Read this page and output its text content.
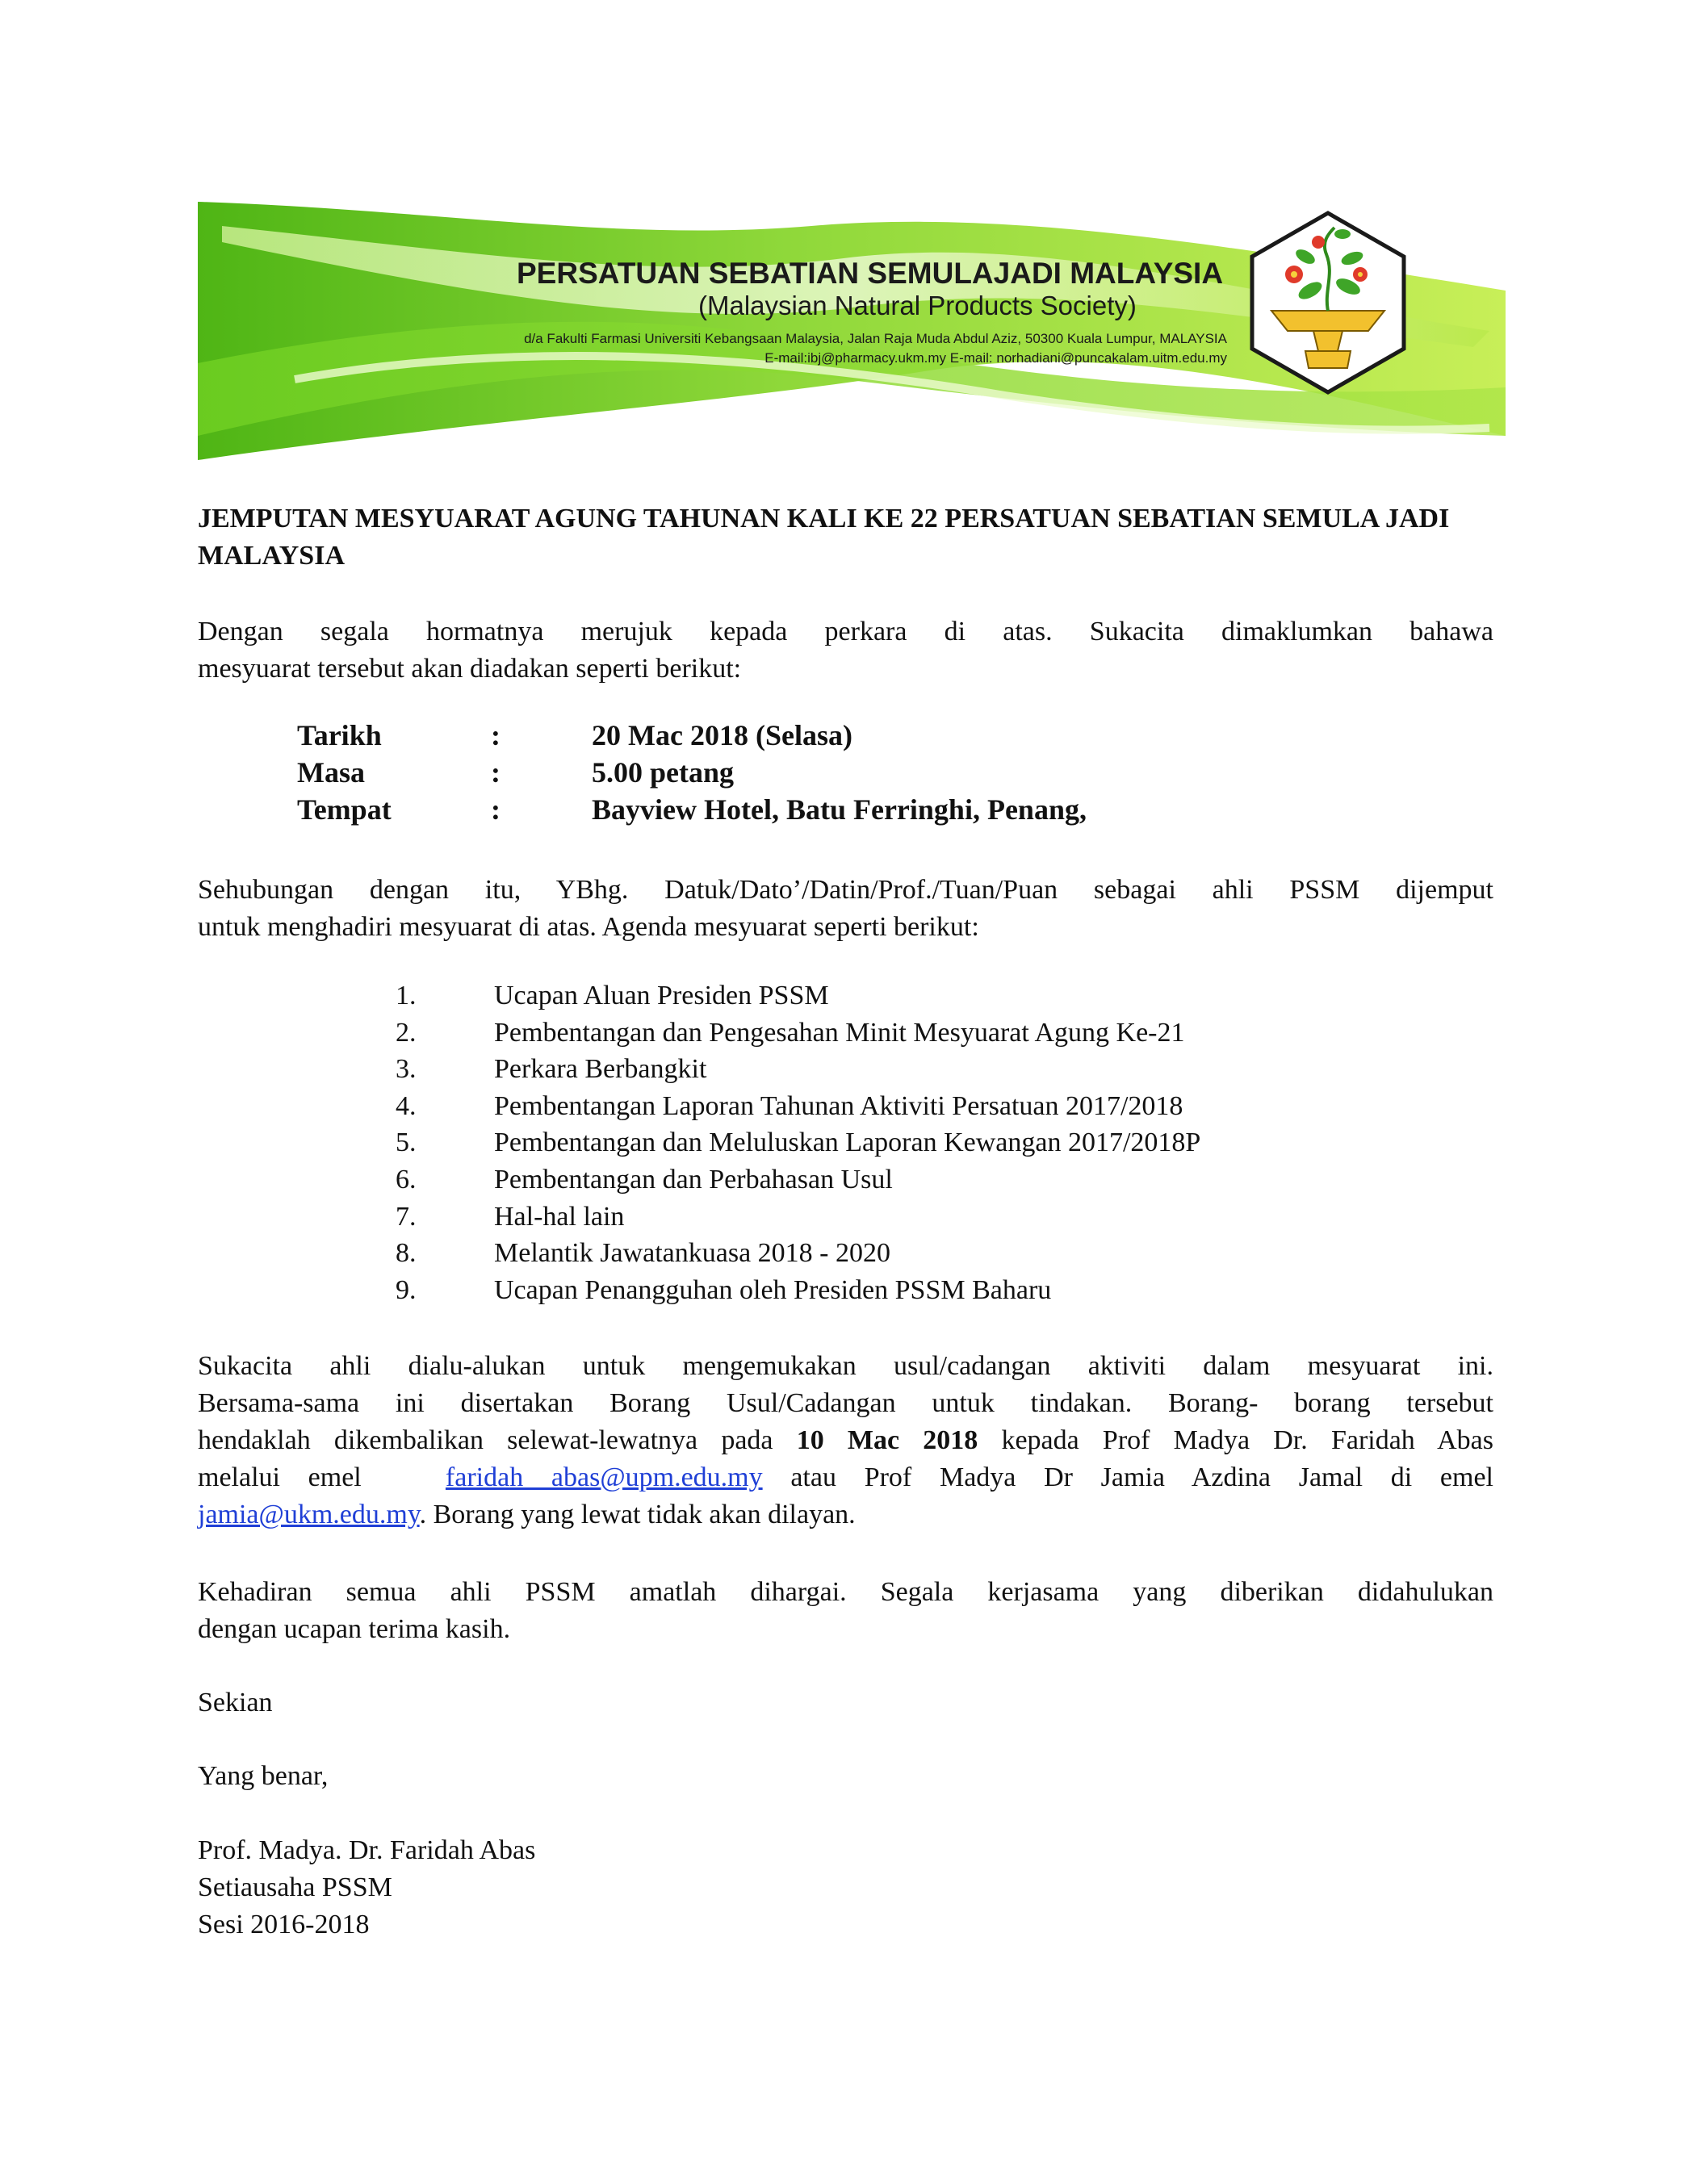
PERSATUAN SEBATIAN SEMULAJADI MALAYSIA
(Malaysian Natural Products Society)
d/a Fakulti Farmasi Universiti Kebangsaan Malaysia, Jalan Raja Muda Abdul Aziz, 50300 Kuala Lumpur, MALAYSIA
E-mail:ibj@pharmacy.ukm.my E-mail: norhadiani@puncakalam.uitm.edu.my
JEMPUTAN MESYUARAT AGUNG TAHUNAN KALI KE 22 PERSATUAN SEBATIAN SEMULA JADI
MALAYSIA
Dengan segala hormatnya merujuk kepada perkara di atas. Sukacita dimaklumkan bahawa
mesyuarat tersebut akan diadakan seperti berikut:
Tarikh	:	20 Mac 2018 (Selasa)
Masa	:	5.00 petang
Tempat	:	Bayview Hotel, Batu Ferringhi, Penang,
Sehubungan dengan itu, YBhg. Datuk/Dato’/Datin/Prof./Tuan/Puan sebagai ahli PSSM dijemput
untuk menghadiri mesyuarat di atas. Agenda mesyuarat seperti berikut:
1.	Ucapan Aluan Presiden PSSM
2.	Pembentangan dan Pengesahan Minit Mesyuarat Agung Ke-21
3.	Perkara Berbangkit
4.	Pembentangan Laporan Tahunan Aktiviti Persatuan 2017/2018
5.	Pembentangan dan Meluluskan Laporan Kewangan 2017/2018P
6.	Pembentangan dan Perbahasan Usul
7.	Hal-hal lain
8.	Melantik Jawatankuasa 2018 - 2020
9.	Ucapan Penangguhan oleh Presiden PSSM Baharu
Sukacita ahli dialu-alukan untuk mengemukakan usul/cadangan aktiviti dalam mesyuarat ini.
Bersama-sama ini disertakan Borang Usul/Cadangan untuk tindakan. Borang- borang tersebut
hendaklah dikembalikan selewat-lewatnya pada 10 Mac 2018 kepada Prof Madya Dr. Faridah Abas
melalui emel	faridah abas@upm.edu.my atau Prof Madya Dr Jamia Azdina Jamal di emel
jamia@ukm.edu.my. Borang yang lewat tidak akan dilayan.
Kehadiran semua ahli PSSM amatlah dihargai. Segala kerjasama yang diberikan didahulukan
dengan ucapan terima kasih.
Sekian
Yang benar,
Prof. Madya. Dr. Faridah Abas
Setiausaha PSSM
Sesi 2016-2018
